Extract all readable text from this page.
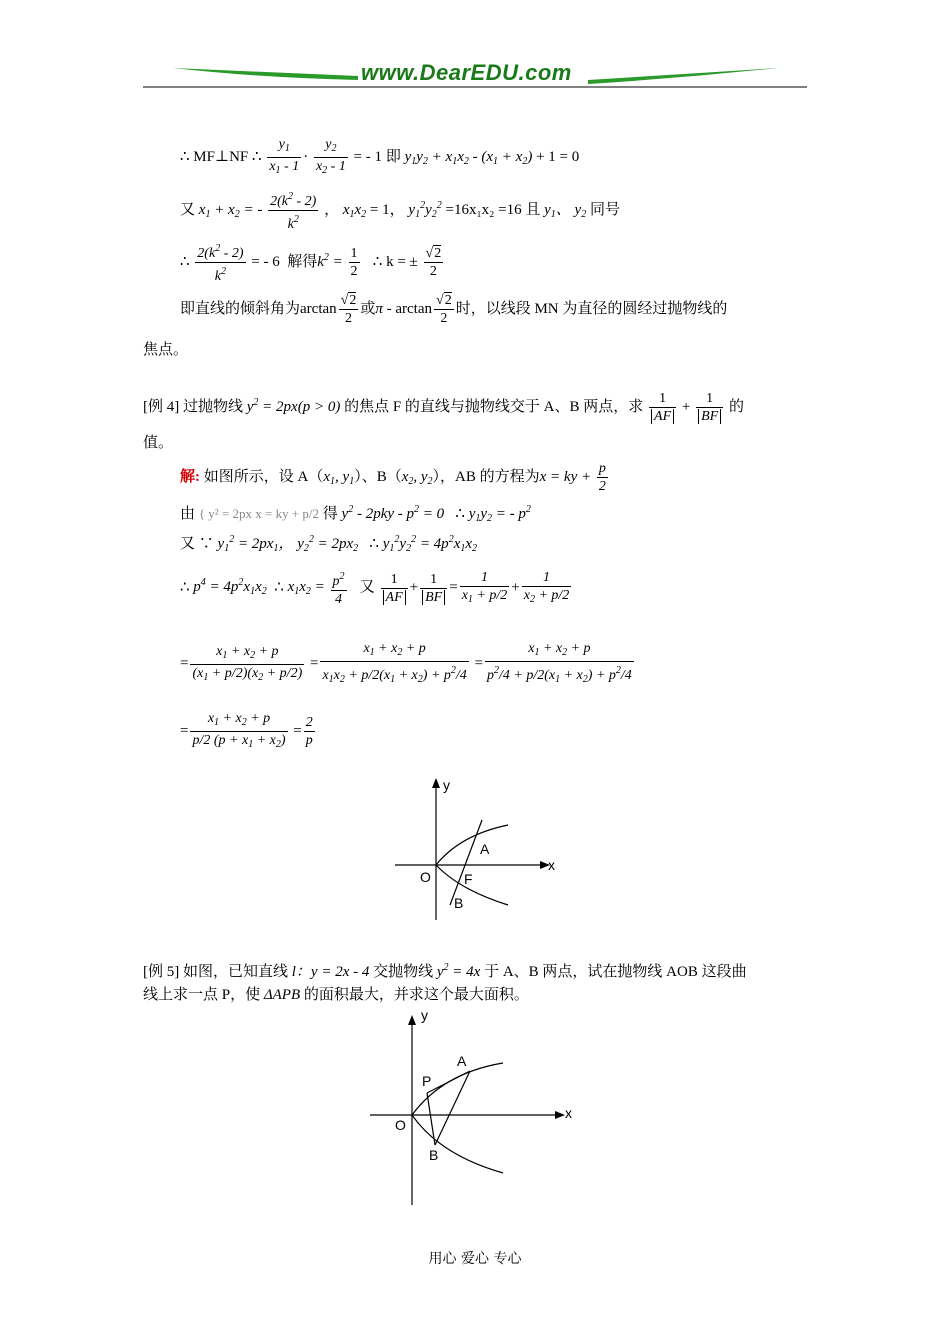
www.DearEDU.com
∴ MF⊥NF ∴ $\frac{y_1}{x_1 - 1} \cdot \frac{y_2}{x_2 - 1}$ = - 1 即 $y_1y_2 + x_1x_2 - (x_1 + x_2) + 1 = 0$
又 $x_1 + x_2$ = - $\frac{2(k^2 - 2)}{k^2}$ ， $x_1x_2 = 1$， $y_1^2y_2^2 =16x_1x_2 =16$ 且 $y_1$、 $y_2$ 同号
∴ $\frac{2(k^2 - 2)}{k^2}$ = - 6 解得$k^2 = \frac{1}{2}$ ∴ k = ± $\frac{√2}{2}$
即直线的倾斜角为$\arctan \frac{√2}{2}$ 或π - $\arctan \frac{√2}{2}$ 时，以线段 MN 为直径的圆经过抛物线的
焦点。
[例 4] 过抛物线 $y^2 = 2px(p > 0)$ 的焦点 F 的直线与抛物线交于 A、B 两点，求 $\frac{1}{AF} + \frac{1}{BF}$ 的
值。
解: 如图所示，设 $A(x_1$, $y_1$）、$B(x_2$, $y_2$），AB 的方程为x = ky + $\frac{p}{2}$
由 { y² = 2px x = ky + p/2 得 $y^2 - 2pky - p^2 = 0$ ∴ $y_1y_2$ = - $p^2$
又 ∵ $y_1^2 = 2px_1$， $y_2^2 = 2px_2$ ∴ $y_1^2y_2^2 = 4p^2x_1x_2$
∴ $p^4 = 4p^2x_1x_2$  ∴ $x_1x_2 = \frac{p^2}{4}$ 又 $\frac{1}{AF} + \frac{1}{BF} = \frac{1}{x_1 + p/2} + \frac{1}{x_2 + p/2}$
= $\frac{x_1 + x_2 + p}{(x_1 + p/2)(x_2 + p/2)} = \frac{x_1 + x_2 + p}{x_1x_2 + p/2(x_1 + x_2) + p^2/4} = \frac{x_1 + x_2 + p}{p^2/4 + p/2(x_1 + x_2) + p^2/4}$
= $\frac{x_1 + x_2 + p}{p/2 (p + x_1 + x_2)} = \frac{2}{p}$
y
x
O
A
F
B
[例 5] 如图，已知直线 l：y = 2x - 4 交抛物线 $y^2 = 4x$ 于 A、B 两点，试在抛物线 AOB 这段曲
线上求一点 P，使 ΔAPB 的面积最大，并求这个最大面积。
y
x
O
A
P
B
用心 爱心 专心
